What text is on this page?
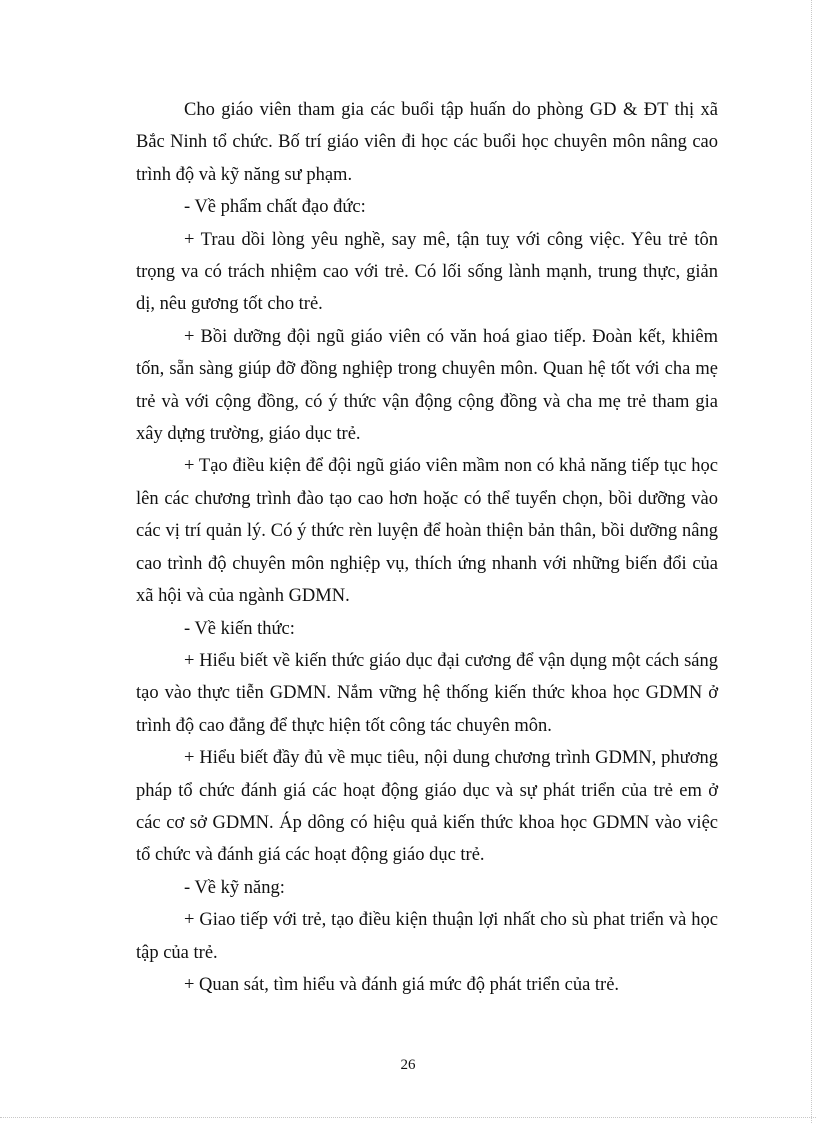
Cho giáo viên tham gia các buổi tập huấn do phòng GD & ĐT thị xã Bắc Ninh tổ chức. Bố trí giáo viên đi học các buổi học chuyên môn nâng cao trình độ và kỹ năng sư phạm.

- Về phẩm chất đạo đức:

+ Trau dồi lòng yêu nghề, say mê, tận tuỵ với công việc. Yêu trẻ tôn trọng va có trách nhiệm cao với trẻ. Có lối sống lành mạnh, trung thực, giản dị, nêu gương tốt cho trẻ.

+ Bồi dưỡng đội ngũ giáo viên có văn hoá giao tiếp. Đoàn kết, khiêm tốn, sẵn sàng giúp đỡ đồng nghiệp trong chuyên môn. Quan hệ tốt với cha mẹ trẻ và với cộng đồng, có ý thức vận động cộng đồng và cha mẹ trẻ tham gia xây dựng trường, giáo dục trẻ.

+ Tạo điều kiện để đội ngũ giáo viên mầm non có khả năng tiếp tục học lên các chương trình đào tạo cao hơn hoặc có thể tuyển chọn, bồi dưỡng vào các vị trí quản lý. Có ý thức rèn luyện để hoàn thiện bản thân, bồi dưỡng nâng cao trình độ chuyên môn nghiệp vụ, thích ứng nhanh với những biến đổi của xã hội và của ngành GDMN.

- Về kiến thức:

+ Hiểu biết về kiến thức giáo dục đại cương để vận dụng một cách sáng tạo vào thực tiễn GDMN. Nắm vững hệ thống kiến thức khoa học GDMN ở trình độ cao đẳng để thực hiện tốt công tác chuyên môn.

+ Hiểu biết đầy đủ về mục tiêu, nội dung chương trình GDMN, phương pháp tổ chức đánh giá các hoạt động giáo dục và sự phát triển của trẻ em ở các cơ sở GDMN. Áp dông có hiệu quả kiến thức khoa học GDMN vào việc tổ chức và đánh giá các hoạt động giáo dục trẻ.

- Về kỹ năng:

+ Giao tiếp với trẻ, tạo điều kiện thuận lợi nhất cho sù phat triển và học tập của trẻ.

+ Quan sát, tìm hiểu và đánh giá mức độ phát triển của trẻ.

26
